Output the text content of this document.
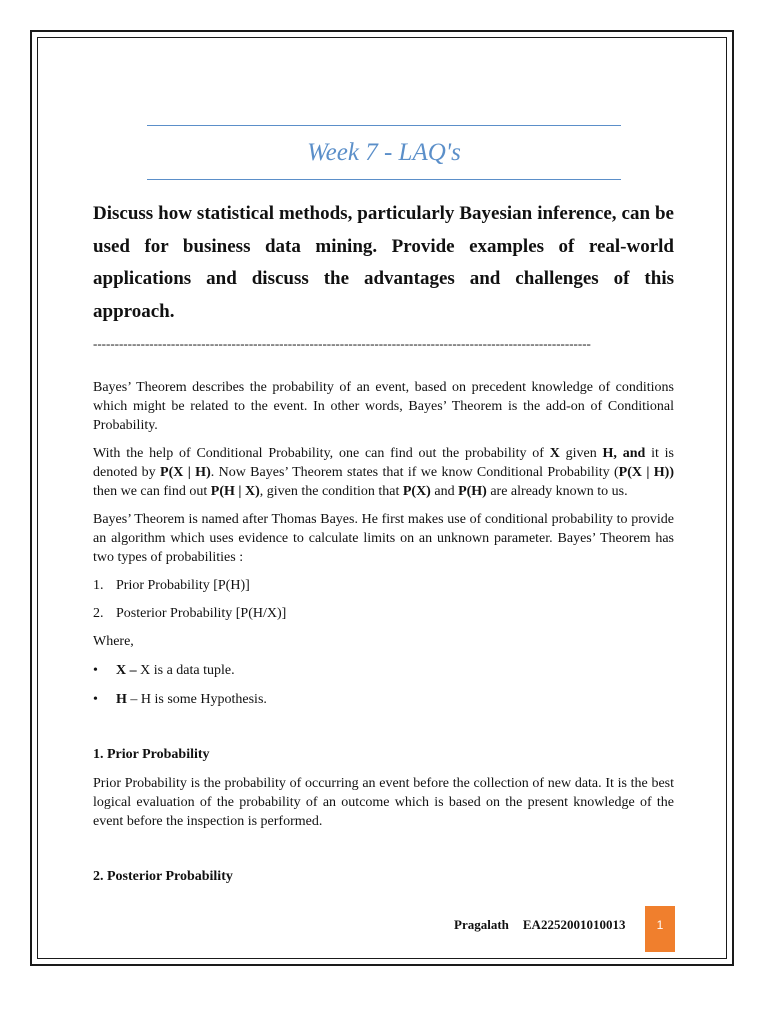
Week 7 - LAQ's

Discuss how statistical methods, particularly Bayesian inference, can be used for business data mining. Provide examples of real-world applications and discuss the advantages and challenges of this approach.

-------------------------------------------------------------------------------------------------------------------

Bayes’ Theorem describes the probability of an event, based on precedent knowledge of conditions which might be related to the event. In other words, Bayes’ Theorem is the add-on of Conditional Probability.

With the help of Conditional Probability, one can find out the probability of X given H, and it is denoted by P(X | H). Now Bayes’ Theorem states that if we know Conditional Probability (P(X | H)) then we can find out P(H | X), given the condition that P(X) and P(H) are already known to us.

Bayes’ Theorem is named after Thomas Bayes. He first makes use of conditional probability to provide an algorithm which uses evidence to calculate limits on an unknown parameter. Bayes’ Theorem has two types of probabilities :

1. Prior Probability [P(H)]
2. Posterior Probability [P(H/X)]

Where,

•	X – X is a data tuple.
•	H – H is some Hypothesis.

1. Prior Probability

Prior Probability is the probability of occurring an event before the collection of new data. It is the best logical evaluation of the probability of an outcome which is based on the present knowledge of the event before the inspection is performed.

2. Posterior Probability

Pragalath EA2252001010013	1
